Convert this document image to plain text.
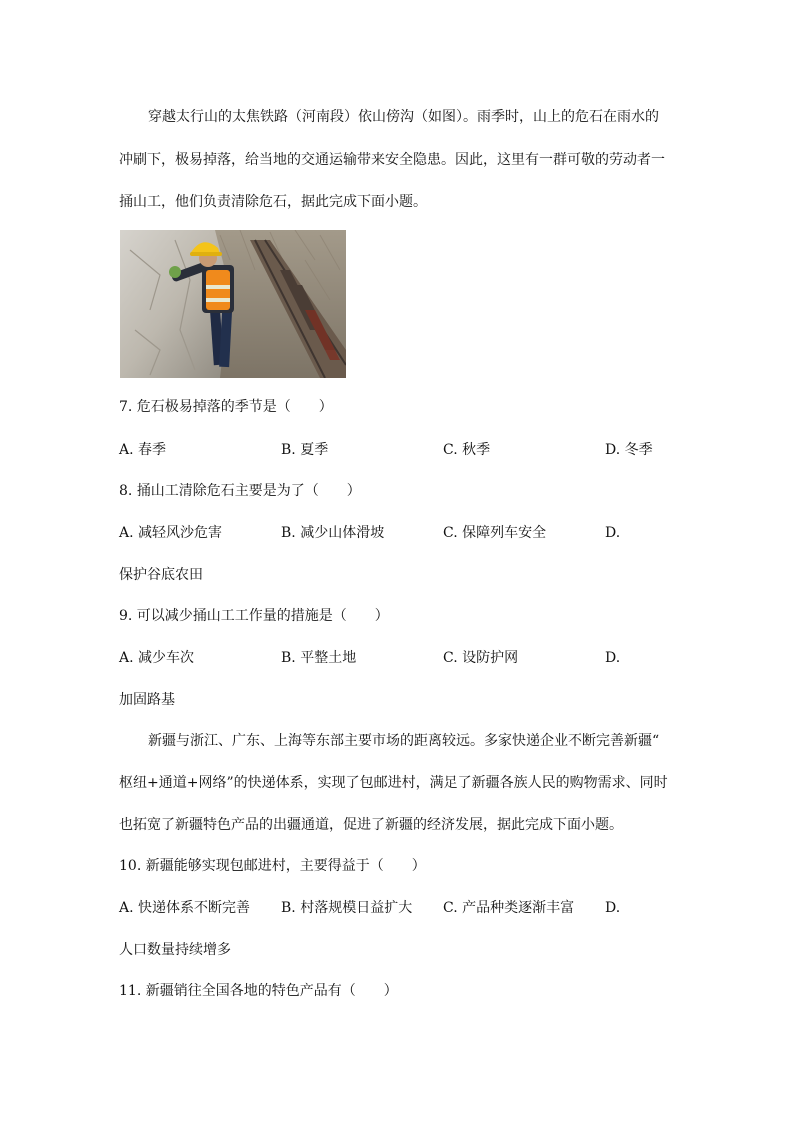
穿越太行山的太焦铁路（河南段）依山傍沟（如图）。雨季时，山上的危石在雨水的
冲刷下，极易掉落，给当地的交通运输带来安全隐患。因此，这里有一群可敬的劳动者一
捅山工，他们负责清除危石，据此完成下面小题。
7. 危石极易掉落的季节是（　　）
A. 春季	B. 夏季	C. 秋季	D. 冬季
8. 捅山工清除危石主要是为了（　　）
A. 减轻风沙危害	B. 减少山体滑坡	C. 保障列车安全	D.
保护谷底农田
9. 可以减少捅山工工作量的措施是（　　）
A. 减少车次	B. 平整土地	C. 设防护网	D.
加固路基
新疆与浙江、广东、上海等东部主要市场的距离较远。多家快递企业不断完善新疆“
枢纽+通道+网络”的快递体系，实现了包邮进村，满足了新疆各族人民的购物需求、同时
也拓宽了新疆特色产品的出疆通道，促进了新疆的经济发展，据此完成下面小题。
10. 新疆能够实现包邮进村，主要得益于（　　）
A. 快递体系不断完善 B. 村落规模日益扩大 C. 产品种类逐渐丰富 D.
人口数量持续增多
11. 新疆销往全国各地的特色产品有（　　）
